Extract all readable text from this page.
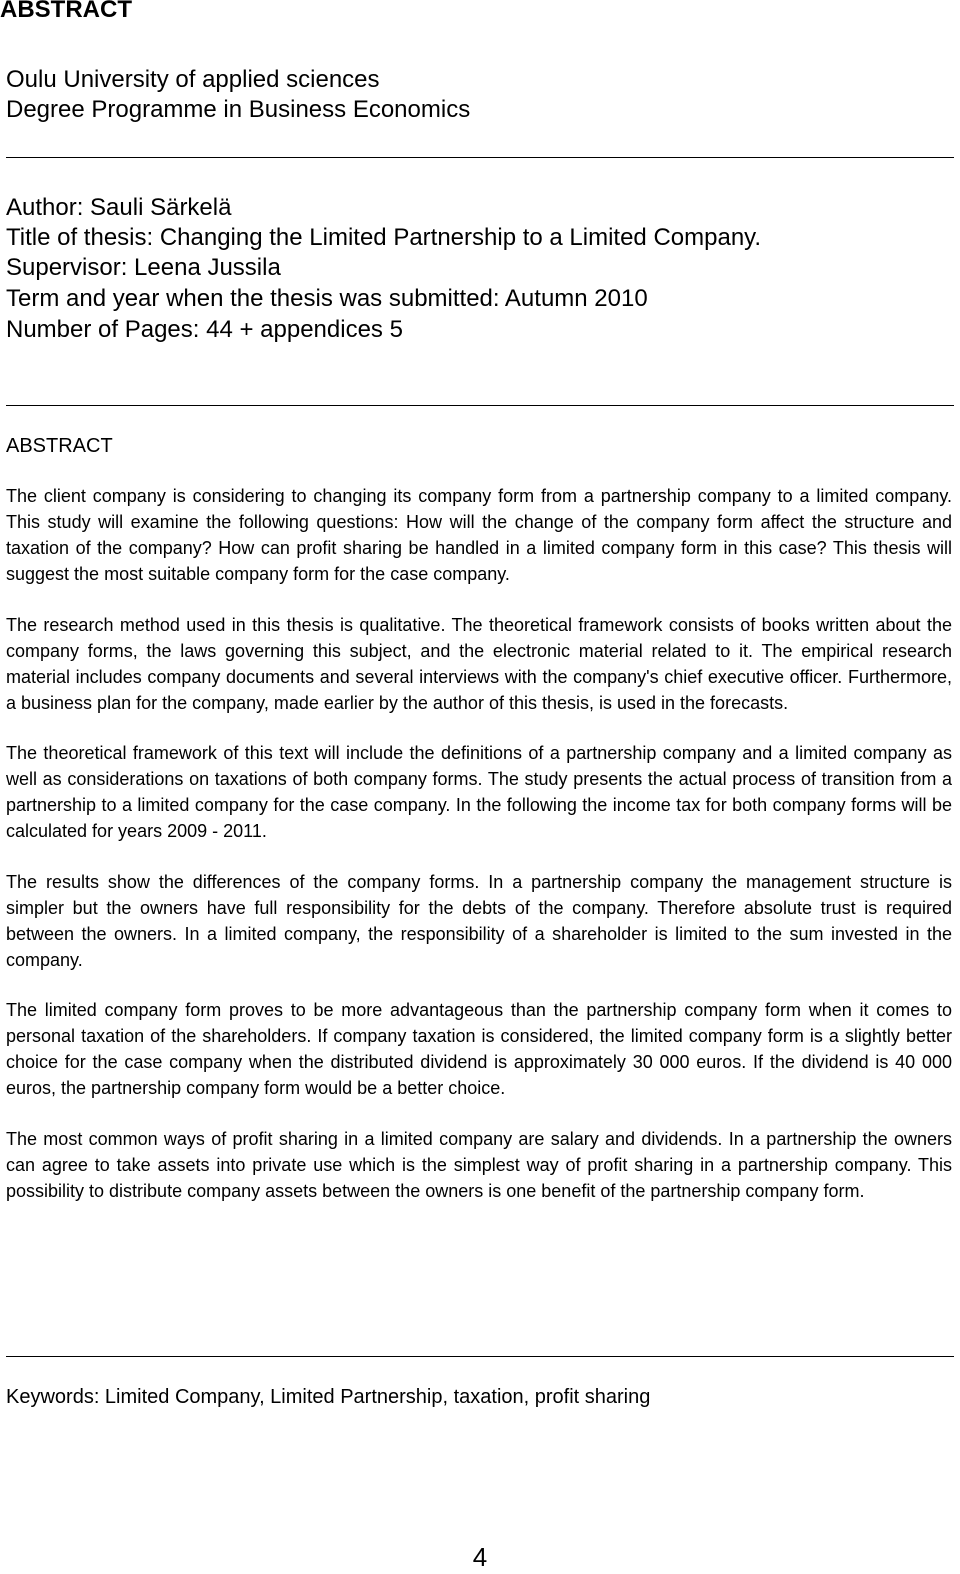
ABSTRACT
Oulu University of applied sciences
Degree Programme in Business Economics
Author: Sauli Särkelä
Title of thesis: Changing the Limited Partnership to a Limited Company.
Supervisor: Leena Jussila
Term and year when the thesis was submitted: Autumn 2010
Number of Pages: 44 + appendices 5
ABSTRACT

The client company is considering to changing its company form from a partnership company to a limited company. This study will examine the following questions: How will the change of the company form affect the structure and taxation of the company? How can profit sharing be handled in a limited company form in this case? This thesis will suggest the most suitable company form for the case company.

The research method used in this thesis is qualitative. The theoretical framework consists of books written about the company forms, the laws governing this subject, and the electronic material related to it. The empirical research material includes company documents and several interviews with the company's chief executive officer. Furthermore, a business plan for the company, made earlier by the author of this thesis, is used in the forecasts.

The theoretical framework of this text will include the definitions of a partnership company and a limited company as well as considerations on taxations of both company forms. The study presents the actual process of transition from a partnership to a limited company for the case company. In the following the income tax for both company forms will be calculated for years 2009 - 2011.

The results show the differences of the company forms. In a partnership company the management structure is simpler but the owners have full responsibility for the debts of the company. Therefore absolute trust is required between the owners. In a limited company, the responsibility of a shareholder is limited to the sum invested in the company.

The limited company form proves to be more advantageous than the partnership company form when it comes to personal taxation of the shareholders. If company taxation is considered, the limited company form is a slightly better choice for the case company when the distributed dividend is approximately 30 000 euros. If the dividend is 40 000 euros, the partnership company form would be a better choice.

The most common ways of profit sharing in a limited company are salary and dividends. In a partnership the owners can agree to take assets into private use which is the simplest way of profit sharing in a partnership company. This possibility to distribute company assets between the owners is one benefit of the partnership company form.

Keywords: Limited Company, Limited Partnership, taxation, profit sharing
4
